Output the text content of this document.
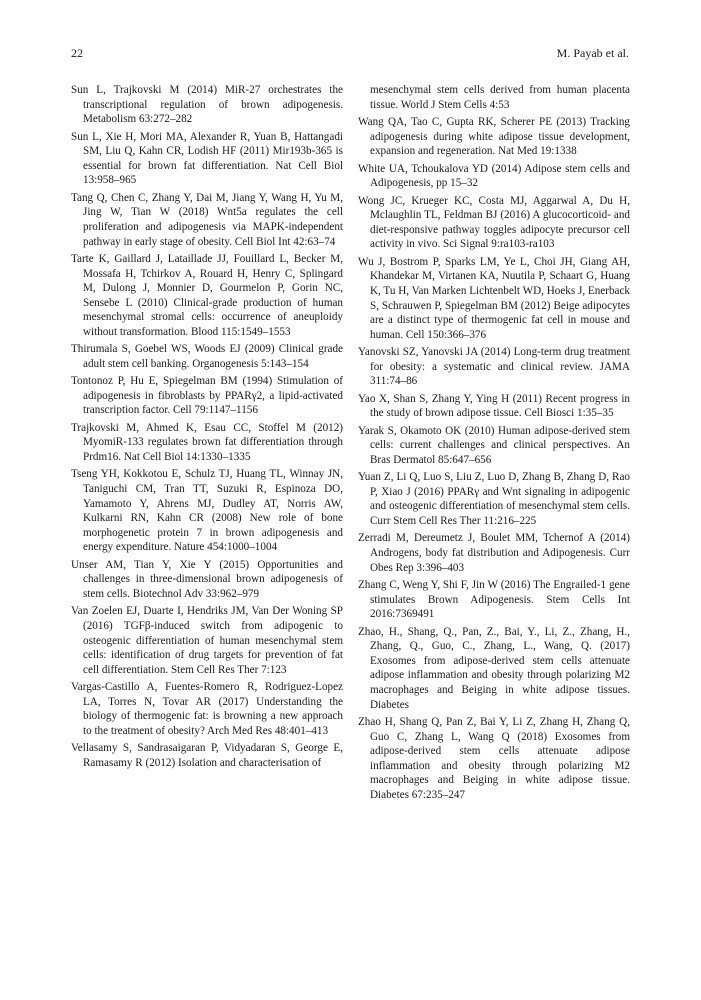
22	M. Payab et al.

Sun L, Trajkovski M (2014) MiR-27 orchestrates the transcriptional regulation of brown adipogenesis. Metabolism 63:272–282

Sun L, Xie H, Mori MA, Alexander R, Yuan B, Hattangadi SM, Liu Q, Kahn CR, Lodish HF (2011) Mir193b-365 is essential for brown fat differentiation. Nat Cell Biol 13:958–965

Tang Q, Chen C, Zhang Y, Dai M, Jiang Y, Wang H, Yu M, Jing W, Tian W (2018) Wnt5a regulates the cell proliferation and adipogenesis via MAPK-independent pathway in early stage of obesity. Cell Biol Int 42:63–74

Tarte K, Gaillard J, Lataillade JJ, Fouillard L, Becker M, Mossafa H, Tchirkov A, Rouard H, Henry C, Splingard M, Dulong J, Monnier D, Gourmelon P, Gorin NC, Sensebe L (2010) Clinical-grade production of human mesenchymal stromal cells: occurrence of aneuploidy without transformation. Blood 115:1549–1553

Thirumala S, Goebel WS, Woods EJ (2009) Clinical grade adult stem cell banking. Organogenesis 5:143–154

Tontonoz P, Hu E, Spiegelman BM (1994) Stimulation of adipogenesis in fibroblasts by PPARγ2, a lipid-activated transcription factor. Cell 79:1147–1156

Trajkovski M, Ahmed K, Esau CC, Stoffel M (2012) MyomiR-133 regulates brown fat differentiation through Prdm16. Nat Cell Biol 14:1330–1335

Tseng YH, Kokkotou E, Schulz TJ, Huang TL, Winnay JN, Taniguchi CM, Tran TT, Suzuki R, Espinoza DO, Yamamoto Y, Ahrens MJ, Dudley AT, Norris AW, Kulkarni RN, Kahn CR (2008) New role of bone morphogenetic protein 7 in brown adipogenesis and energy expenditure. Nature 454:1000–1004

Unser AM, Tian Y, Xie Y (2015) Opportunities and challenges in three-dimensional brown adipogenesis of stem cells. Biotechnol Adv 33:962–979

Van Zoelen EJ, Duarte I, Hendriks JM, Van Der Woning SP (2016) TGFβ-induced switch from adipogenic to osteogenic differentiation of human mesenchymal stem cells: identification of drug targets for prevention of fat cell differentiation. Stem Cell Res Ther 7:123

Vargas-Castillo A, Fuentes-Romero R, Rodriguez-Lopez LA, Torres N, Tovar AR (2017) Understanding the biology of thermogenic fat: is browning a new approach to the treatment of obesity? Arch Med Res 48:401–413

Vellasamy S, Sandrasaigaran P, Vidyadaran S, George E, Ramasamy R (2012) Isolation and characterisation of

mesenchymal stem cells derived from human placenta tissue. World J Stem Cells 4:53

Wang QA, Tao C, Gupta RK, Scherer PE (2013) Tracking adipogenesis during white adipose tissue development, expansion and regeneration. Nat Med 19:1338

White UA, Tchoukalova YD (2014) Adipose stem cells and Adipogenesis, pp 15–32

Wong JC, Krueger KC, Costa MJ, Aggarwal A, Du H, Mclaughlin TL, Feldman BJ (2016) A glucocorticoid- and diet-responsive pathway toggles adipocyte precursor cell activity in vivo. Sci Signal 9:ra103-ra103

Wu J, Bostrom P, Sparks LM, Ye L, Choi JH, Giang AH, Khandekar M, Virtanen KA, Nuutila P, Schaart G, Huang K, Tu H, Van Marken Lichtenbelt WD, Hoeks J, Enerback S, Schrauwen P, Spiegelman BM (2012) Beige adipocytes are a distinct type of thermogenic fat cell in mouse and human. Cell 150:366–376

Yanovski SZ, Yanovski JA (2014) Long-term drug treatment for obesity: a systematic and clinical review. JAMA 311:74–86

Yao X, Shan S, Zhang Y, Ying H (2011) Recent progress in the study of brown adipose tissue. Cell Biosci 1:35–35

Yarak S, Okamoto OK (2010) Human adipose-derived stem cells: current challenges and clinical perspectives. An Bras Dermatol 85:647–656

Yuan Z, Li Q, Luo S, Liu Z, Luo D, Zhang B, Zhang D, Rao P, Xiao J (2016) PPARγ and Wnt signaling in adipogenic and osteogenic differentiation of mesenchymal stem cells. Curr Stem Cell Res Ther 11:216–225

Zerradi M, Dereumetz J, Boulet MM, Tchernof A (2014) Androgens, body fat distribution and Adipogenesis. Curr Obes Rep 3:396–403

Zhang C, Weng Y, Shi F, Jin W (2016) The Engrailed-1 gene stimulates Brown Adipogenesis. Stem Cells Int 2016:7369491

Zhao, H., Shang, Q., Pan, Z., Bai, Y., Li, Z., Zhang, H., Zhang, Q., Guo, C., Zhang, L., Wang, Q. (2017) Exosomes from adipose-derived stem cells attenuate adipose inflammation and obesity through polarizing M2 macrophages and Beiging in white adipose tissues. Diabetes

Zhao H, Shang Q, Pan Z, Bai Y, Li Z, Zhang H, Zhang Q, Guo C, Zhang L, Wang Q (2018) Exosomes from adipose-derived stem cells attenuate adipose inflammation and obesity through polarizing M2 macrophages and Beiging in white adipose tissue. Diabetes 67:235–247
